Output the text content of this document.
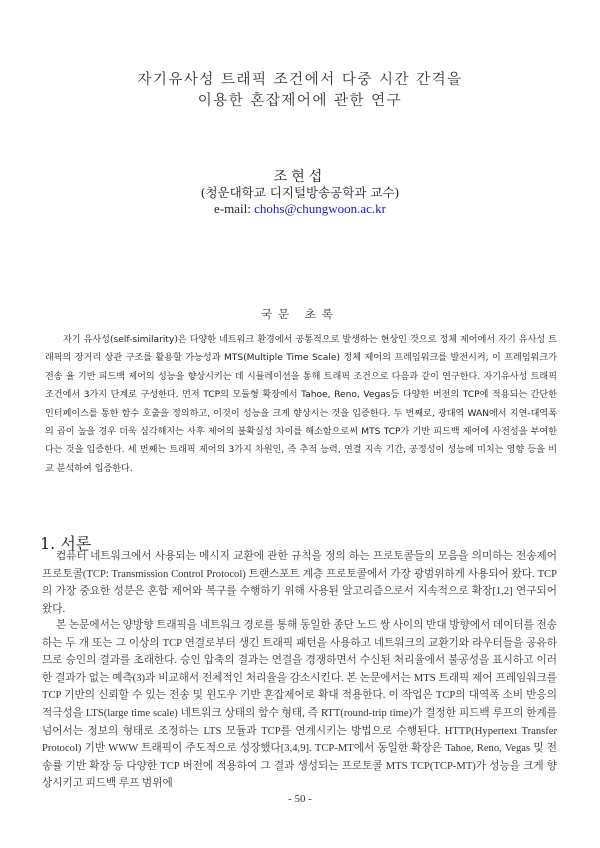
자기유사성 트래픽 조건에서 다중 시간 간격을
이용한 혼잡제어에 관한 연구
조현섭
(청운대학교 디지털방송공학과 교수)
e-mail: chohs@chungwoon.ac.kr
국문 초록

자기 유사성(self-similarity)은 다양한 네트워크 환경에서 공통적으로 발생하는 현상인 것으로 정체 제어에서 자기 유사성 트래픽의 장거리 상관 구조를 활용할 가능성과 MTS(Multiple Time Scale) 정체 제어의 프레임워크를 발전시켜, 이 프레임워크가 전송 율 기반 피드백 제어의 성능을 향상시키는 데 시뮬레이션을 통해 트래픽 조건으로 다음과 같이 연구한다. 자기유사성 트래픽 조건에서 3가지 단계로 구성한다. 먼저 TCP의 모듈형 확장에서 Tahoe, Reno, Vegas등 다양한 버전의 TCP에 적용되는 간단한 인터페이스를 통한 함수 호출을 정의하고, 이것이 성능을 크게 향상시는 것을 입증한다. 두 번째로, 광대역 WAN에서 지연-대역폭의 곱이 높을 경우 더욱 심각해지는 사후 제어의 불확실성 차이를 해소함으로써 MTS TCP가 기반 피드백 제어에 사전성을 부여한다는 것을 입증한다. 세 번째는 트래픽 제어의 3가지 차원인, 즉 추적 능력, 연결 지속 기간, 공정성이 성능에 미치는 영향 등을 비교 분석하여 입증한다.

1. 서론

컴퓨터 네트워크에서 사용되는 메시지 교환에 관한 규칙을 정의 하는 프로토콜들의 모음을 의미하는 전송제어 프로토콜(TCP: Transmission Control Protocol) 트랜스포트 계층 프로토콜에서 가장 광범위하게 사용되어 왔다. TCP의 가장 중요한 성분은 혼합 제어와 복구를 수행하기 위해 사용된 알고리즘으로서 지속적으로 확장[1,2] 연구되어 왔다.

본 논문에서는 양방향 트래픽을 네트워크 경로를 통해 동일한 종단 노드 쌍 사이의 반대 방향에서 데이터를 전송하는 두 개 또는 그 이상의 TCP 연결로부터 생긴 트래픽 패턴을 사용하고 네트워크의 교환기와 라우터들을 공유하므로 승인의 결과를 초래한다. 승인 압축의 결과는 연결을 경쟁하면서 수신된 처리율에서 불공성을 표시하고 이러한 결과가 없는 예측(3)과 비교해서 전체적인 처리율을 감소시킨다. 본 논문에서는 MTS 트래픽 제어 프레임워크를 TCP 기반의 신뢰할 수 있는 전송 및 윈도우 기반 혼잡제어로 확대 적용한다. 이 작업은 TCP의 대역폭 소비 반응의 적극성을 LTS(large time scale) 네트워크 상태의 함수 형태, 즉 RTT(round-trip time)가 결정한 피드백 루프의 한계를 넘어서는 정보의 형태로 조정하는 LTS 모듈과 TCP를 연계시키는 방법으로 수행된다. HTTP(Hypertext Transfer Protocol) 기반 WWW 트래픽이 주도적으로 성장했다[3,4,9]. TCP-MT에서 동일한 확장은 Tahoe, Reno, Vegas 및 전송률 기반 확장 등 다양한 TCP 버전에 적용하여 그 결과 생성되는 프로토콜 MTS TCP(TCP-MT)가 성능을 크게 향상시키고 피드백 루프 범위에

- 50 -
